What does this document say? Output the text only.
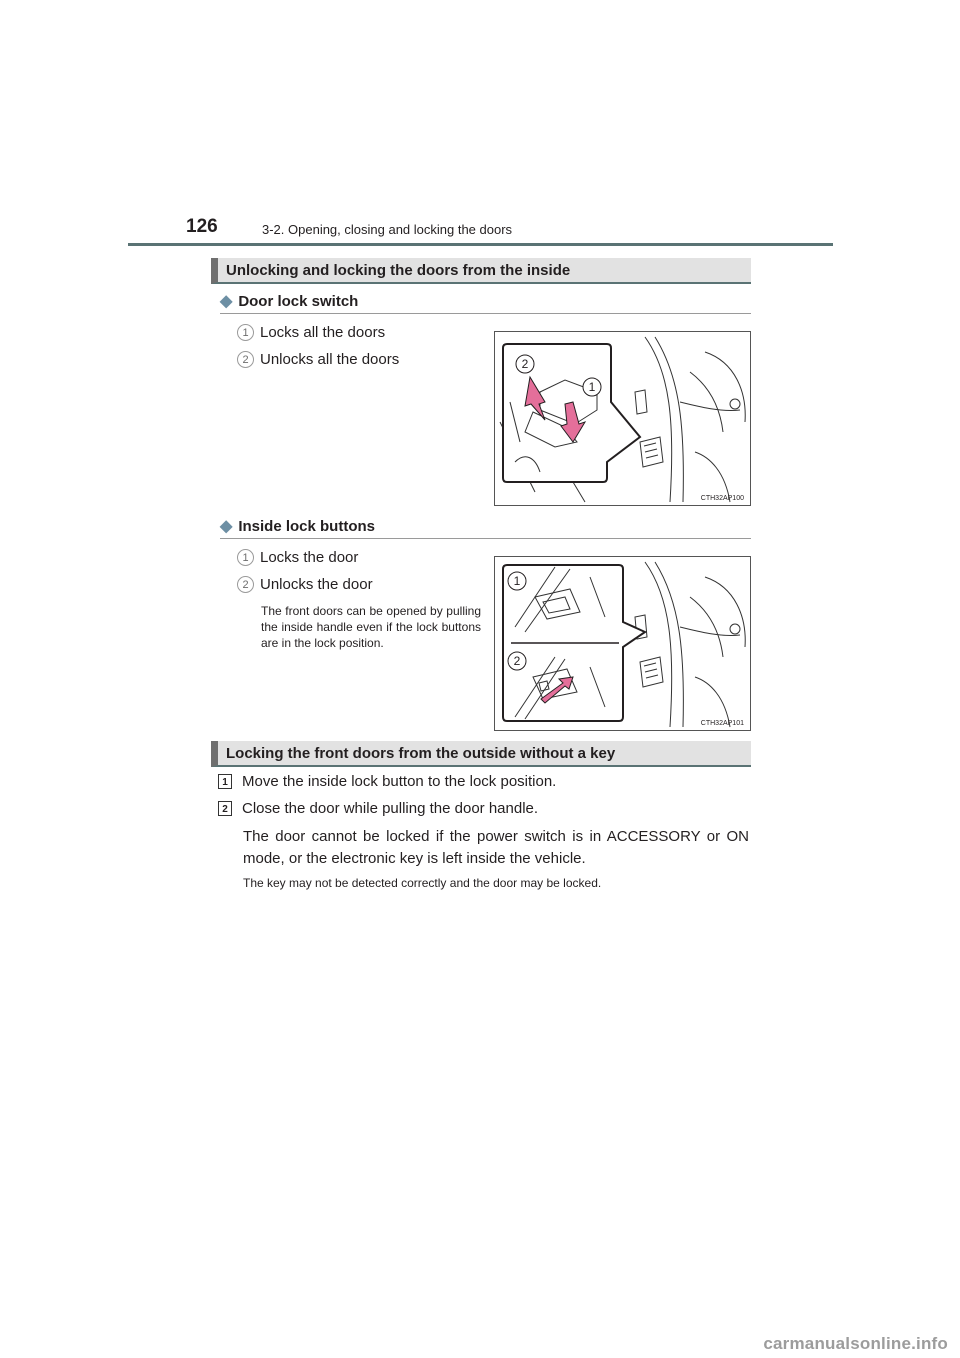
126	3-2. Opening, closing and locking the doors
Unlocking and locking the doors from the inside
◆ Door lock switch
1 Locks all the doors
2 Unlocks all the doors	2
1
CTH32AP100
◆ Inside lock buttons
1 Locks the door
2 Unlocks the door
The front doors can be opened by pulling the inside handle even if the lock buttons are in the lock position.
1
2
CTH32AP101
Locking the front doors from the outside without a key
1 Move the inside lock button to the lock position.
2 Close the door while pulling the door handle.
The door cannot be locked if the power switch is in ACCESSORY or ON mode, or the electronic key is left inside the vehicle.
The key may not be detected correctly and the door may be locked.
carmanualsonline.info
